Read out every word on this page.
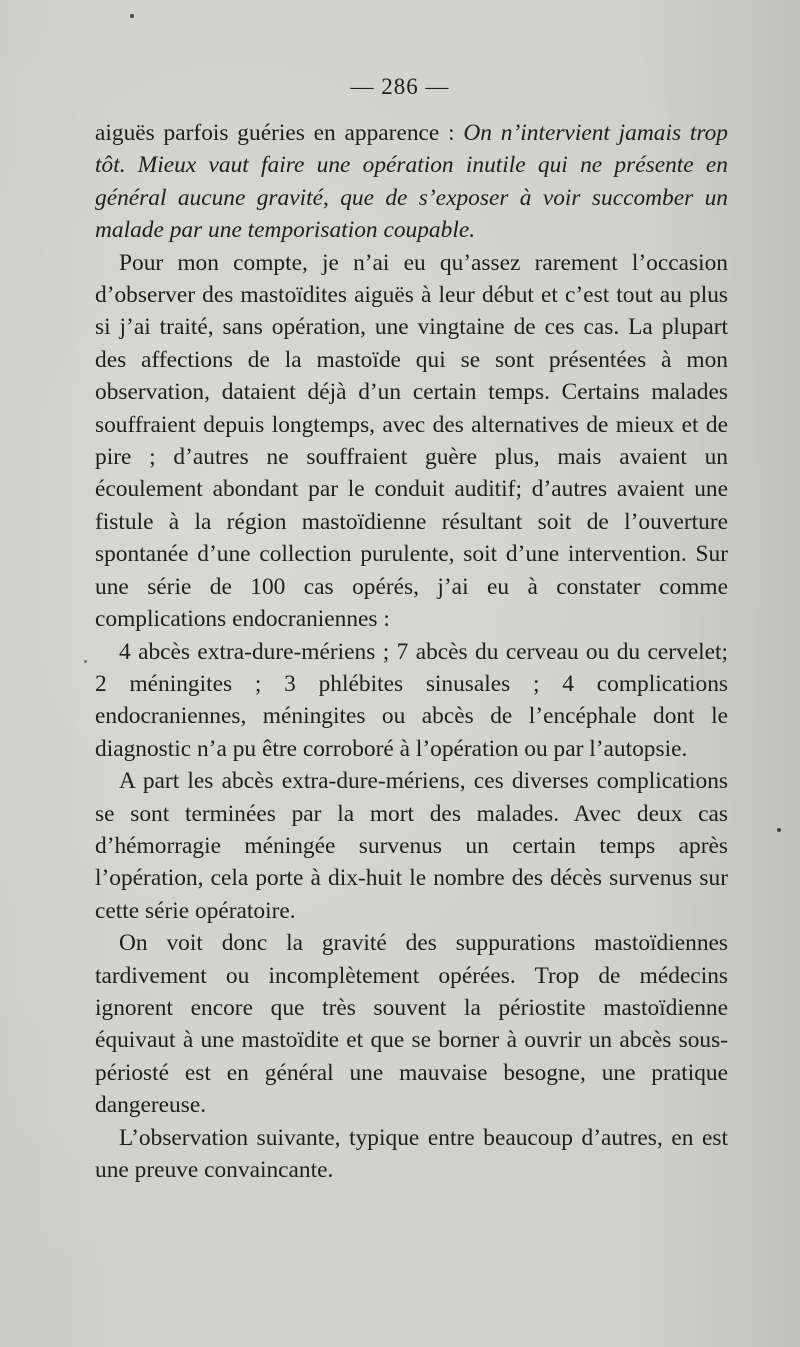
— 286 —

aiguës parfois guéries en apparence : On n’intervient jamais trop tôt. Mieux vaut faire une opération inutile qui ne présente en général aucune gravité, que de s’exposer à voir succomber un malade par une temporisation coupable.

Pour mon compte, je n’ai eu qu’assez rarement l’occasion d’observer des mastoïdites aiguës à leur début et c’est tout au plus si j’ai traité, sans opération, une vingtaine de ces cas. La plupart des affections de la mastoïde qui se sont présentées à mon observation, dataient déjà d’un certain temps. Certains malades souffraient depuis longtemps, avec des alternatives de mieux et de pire ; d’autres ne souffraient guère plus, mais avaient un écoulement abondant par le conduit auditif; d’autres avaient une fistule à la région mastoïdienne résultant soit de l’ouverture spontanée d’une collection purulente, soit d’une intervention. Sur une série de 100 cas opérés, j’ai eu à constater comme complications endocraniennes :

4 abcès extra-dure-mériens ; 7 abcès du cerveau ou du cervelet; 2 méningites ; 3 phlébites sinusales ; 4 complications endocraniennes, méningites ou abcès de l’encéphale dont le diagnostic n’a pu être corroboré à l’opération ou par l’autopsie.

A part les abcès extra-dure-mériens, ces diverses complications se sont terminées par la mort des malades. Avec deux cas d’hémorragie méningée survenus un certain temps après l’opération, cela porte à dix-huit le nombre des décès survenus sur cette série opératoire.

On voit donc la gravité des suppurations mastoïdiennes tardivement ou incomplètement opérées. Trop de médecins ignorent encore que très souvent la périostite mastoïdienne équivaut à une mastoïdite et que se borner à ouvrir un abcès sous-périosté est en général une mauvaise besogne, une pratique dangereuse.

L’observation suivante, typique entre beaucoup d’autres, en est une preuve convaincante.
